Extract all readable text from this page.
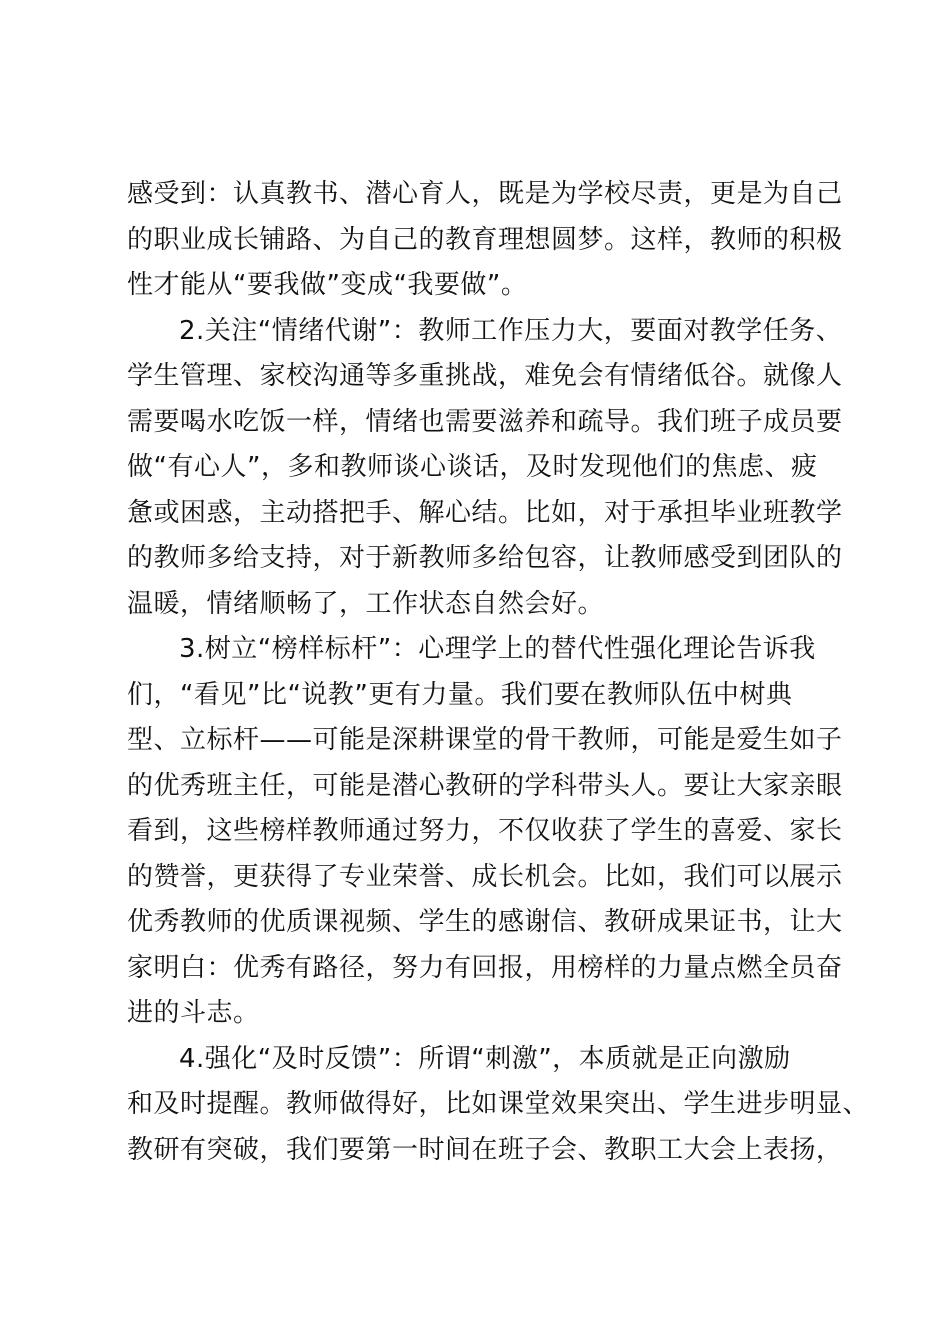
感受到：认真教书、潜心育人，既是为学校尽责，更是为自己
的职业成长铺路、为自己的教育理想圆梦。这样，教师的积极
性才能从“要我做”变成“我要做”。
2.关注“情绪代谢”：教师工作压力大，要面对教学任务、
学生管理、家校沟通等多重挑战，难免会有情绪低谷。就像人
需要喝水吃饭一样，情绪也需要滋养和疏导。我们班子成员要
做“有心人”，多和教师谈心谈话，及时发现他们的焦虑、疲
惫或困惑，主动搭把手、解心结。比如，对于承担毕业班教学
的教师多给支持，对于新教师多给包容，让教师感受到团队的
温暖，情绪顺畅了，工作状态自然会好。
3.树立“榜样标杆”：心理学上的替代性强化理论告诉我
们，“看见”比“说教”更有力量。我们要在教师队伍中树典
型、立标杆——可能是深耕课堂的骨干教师，可能是爱生如子
的优秀班主任，可能是潜心教研的学科带头人。要让大家亲眼
看到，这些榜样教师通过努力，不仅收获了学生的喜爱、家长
的赞誉，更获得了专业荣誉、成长机会。比如，我们可以展示
优秀教师的优质课视频、学生的感谢信、教研成果证书，让大
家明白：优秀有路径，努力有回报，用榜样的力量点燃全员奋
进的斗志。
4.强化“及时反馈”：所谓“刺激”，本质就是正向激励
和及时提醒。教师做得好，比如课堂效果突出、学生进步明显、
教研有突破，我们要第一时间在班子会、教职工大会上表扬，
